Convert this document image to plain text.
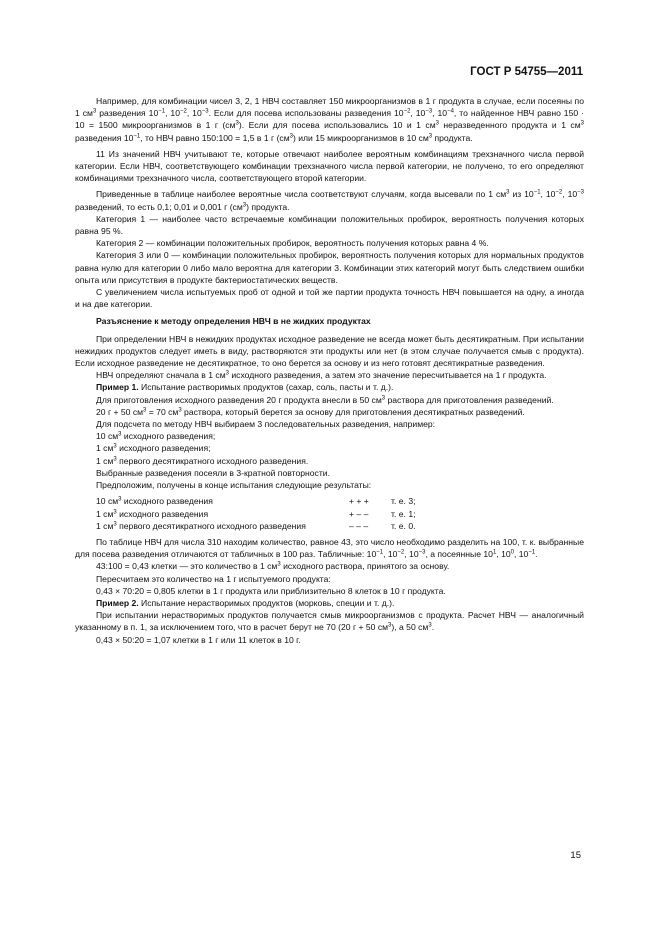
ГОСТ Р 54755—2011

Например, для комбинации чисел 3, 2, 1 НВЧ составляет 150 микроорганизмов в 1 г продукта в случае, если посеяны по 1 $см^3$ разведения $10^{-1}$, $10^{-2}$, $10^{-3}$. Если для посева использованы разведения $10^{-2}$, $10^{-3}$, $10^{-4}$, то найденное НВЧ равно 150 · 10 = 1500 микроорганизмов в 1 г $(см^3)$. Если для посева использовались 10 и 1 $см^3$ неразведенного продукта и 1 $см^3$ разведения $10^{-1}$, то НВЧ равно 150:100 = 1,5 в 1 г $(см^3)$ или 15 микроорганизмов в 10 $см^3$ продукта.

11 Из значений НВЧ учитывают те, которые отвечают наиболее вероятным комбинациям трехзначного числа первой категории. Если НВЧ, соответствующего комбинации трехзначного числа первой категории, не получено, то его определяют комбинациями трехзначного числа, соответствующего второй категории.

Приведенные в таблице наиболее вероятные числа соответствуют случаям, когда высевали по 1 $см^3$ из $10^{-1}$, $10^{-2}$, $10^{-3}$ разведений, то есть 0,1; 0,01 и 0,001 г $(см^3)$ продукта.

Категория 1 — наиболее часто встречаемые комбинации положительных пробирок, вероятность получения которых равна 95 %.

Категория 2 — комбинации положительных пробирок, вероятность получения которых равна 4 %.

Категория 3 или 0 — комбинации положительных пробирок, вероятность получения которых для нормальных продуктов равна нулю для категории 0 либо мало вероятна для категории 3. Комбинации этих категорий могут быть следствием ошибки опыта или присутствия в продукте бактериостатических веществ.

С увеличением числа испытуемых проб от одной и той же партии продукта точность НВЧ повышается на одну, а иногда и на две категории.

Разъяснение к методу определения НВЧ в не жидких продуктах

При определении НВЧ в нежидких продуктах исходное разведение не всегда может быть десятикратным. При испытании нежидких продуктов следует иметь в виду, растворяются эти продукты или нет (в этом случае получается смыв с продукта). Если исходное разведение не десятикратное, то оно берется за основу и из него готовят десятикратные разведения.

НВЧ определяют сначала в 1 $см^3$ исходного разведения, а затем это значение пересчитывается на 1 г продукта.

Пример 1. Испытание растворимых продуктов (сахар, соль, пасты и т. д.).

Для приготовления исходного разведения 20 г продукта внесли в 50 $см^3$ раствора для приготовления разведений.

20 г + 50 $см^3 = 70$ $см^3$ раствора, который берется за основу для приготовления десятикратных разведений.

Для подсчета по методу НВЧ выбираем 3 последовательных разведения, например:

10 $см^3$ исходного разведения;

1 $см^3$ исходного разведения;

1 $см^3$ первого десятикратного исходного разведения.

Выбранные разведения посеяли в 3-кратной повторности.

Предположим, получены в конце испытания следующие результаты:

10 $см^3$ исходного разведения	+ + +	т. е. 3;
1 $см^3$ исходного разведения	+ – –	т. е. 1;
1 $см^3$ первого десятикратного исходного разведения	– – –	т. е. 0.

По таблице НВЧ для числа 310 находим количество, равное 43, это число необходимо разделить на 100, т. к. выбранные для посева разведения отличаются от табличных в 100 раз. Табличные: $10^{-1}$, $10^{-2}$, $10^{-3}$, а посеянные $10^1$, $10^0$, $10^{-1}$.

43:100 = 0,43 клетки — это количество в 1 $см^3$ исходного раствора, принятого за основу.

Пересчитаем это количество на 1 г испытуемого продукта:

0,43 × 70:20 = 0,805 клетки в 1 г продукта или приблизительно 8 клеток в 10 г продукта.

Пример 2. Испытание нерастворимых продуктов (морковь, специи и т. д.).

При испытании нерастворимых продуктов получается смыв микроорганизмов с продукта. Расчет НВЧ — аналогичный указанному в п. 1, за исключением того, что в расчет берут не 70 (20 г + 50 $см^3$), а 50 $см^3$.

0,43 × 50:20 = 1,07 клетки в 1 г или 11 клеток в 10 г.

15
